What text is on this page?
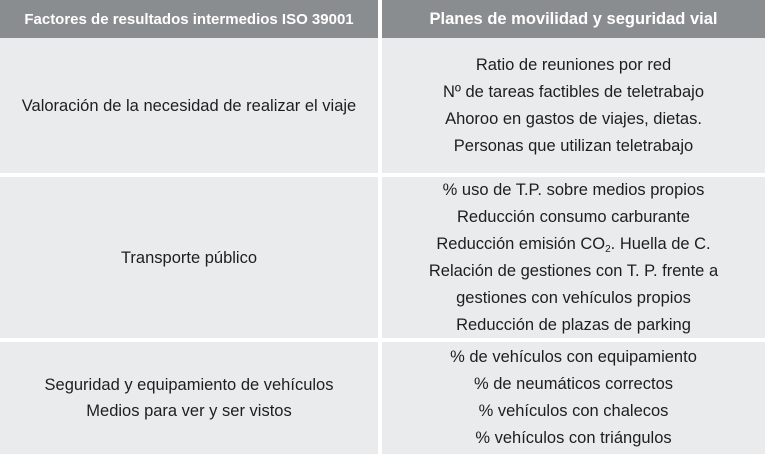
Factores de resultados intermedios ISO 39001	Planes de movilidad y seguridad vial
Valoración de la necesidad de realizar el viaje
Ratio de reuniones por red
Nº de tareas factibles de teletrabajo
Ahoroo en gastos de viajes, dietas.
Personas que utilizan teletrabajo
Transporte público
% uso de T.P. sobre medios propios
Reducción consumo carburante
Reducción emisión $CO_2$. Huella de C.
Relación de gestiones con T. P. frente a
gestiones con vehículos propios
Reducción de plazas de parking
Seguridad y equipamiento de vehículos
Medios para ver y ser vistos
% de vehículos con equipamiento
% de neumáticos correctos
% vehículos con chalecos
% vehículos con triángulos
